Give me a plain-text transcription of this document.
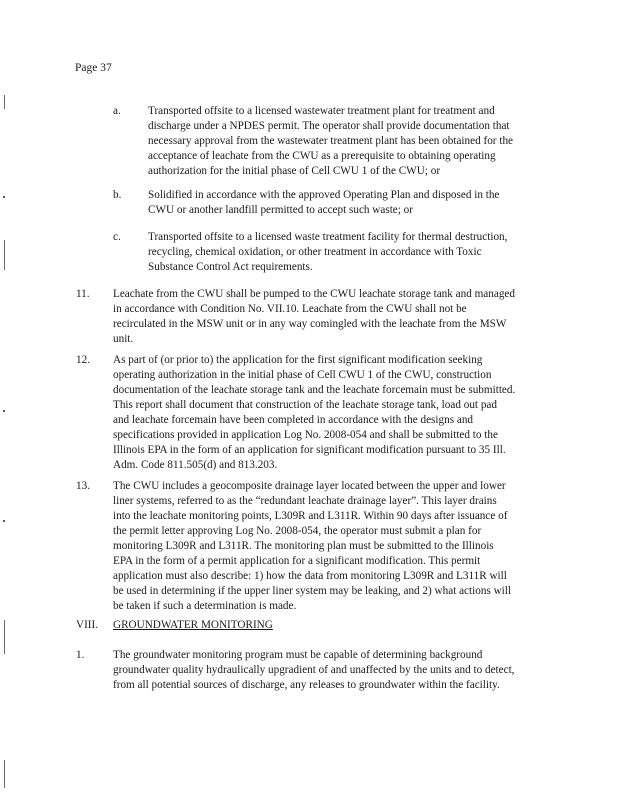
Page 37
a. Transported offsite to a licensed wastewater treatment plant for treatment and
discharge under a NPDES permit. The operator shall provide documentation that
necessary approval from the wastewater treatment plant has been obtained for the
acceptance of leachate from the CWU as a prerequisite to obtaining operating
authorization for the initial phase of Cell CWU 1 of the CWU; or
b. Solidified in accordance with the approved Operating Plan and disposed in the
CWU or another landfill permitted to accept such waste; or
c. Transported offsite to a licensed waste treatment facility for thermal destruction,
recycling, chemical oxidation, or other treatment in accordance with Toxic
Substance Control Act requirements.
11. Leachate from the CWU shall be pumped to the CWU leachate storage tank and managed
in accordance with Condition No. VII.10. Leachate from the CWU shall not be
recirculated in the MSW unit or in any way comingled with the leachate from the MSW
unit.
12. As part of (or prior to) the application for the first significant modification seeking
operating authorization in the initial phase of Cell CWU 1 of the CWU, construction
documentation of the leachate storage tank and the leachate forcemain must be submitted.
This report shall document that construction of the leachate storage tank, load out pad
and leachate forcemain have been completed in accordance with the designs and
specifications provided in application Log No. 2008-054 and shall be submitted to the
Illinois EPA in the form of an application for significant modification pursuant to 35 Ill.
Adm. Code 811.505(d) and 813.203.
13. The CWU includes a geocomposite drainage layer located between the upper and lower
liner systems, referred to as the “redundant leachate drainage layer”. This layer drains
into the leachate monitoring points, L309R and L311R. Within 90 days after issuance of
the permit letter approving Log No. 2008-054, the operator must submit a plan for
monitoring L309R and L311R. The monitoring plan must be submitted to the Illinois
EPA in the form of a permit application for a significant modification. This permit
application must also describe: 1) how the data from monitoring L309R and L311R will
be used in determining if the upper liner system may be leaking, and 2) what actions will
be taken if such a determination is made.
VIII. GROUNDWATER MONITORING
1.	The groundwater monitoring program must be capable of determining background
groundwater quality hydraulically upgradient of and unaffected by the units and to detect,
from all potential sources of discharge, any releases to groundwater within the facility.
